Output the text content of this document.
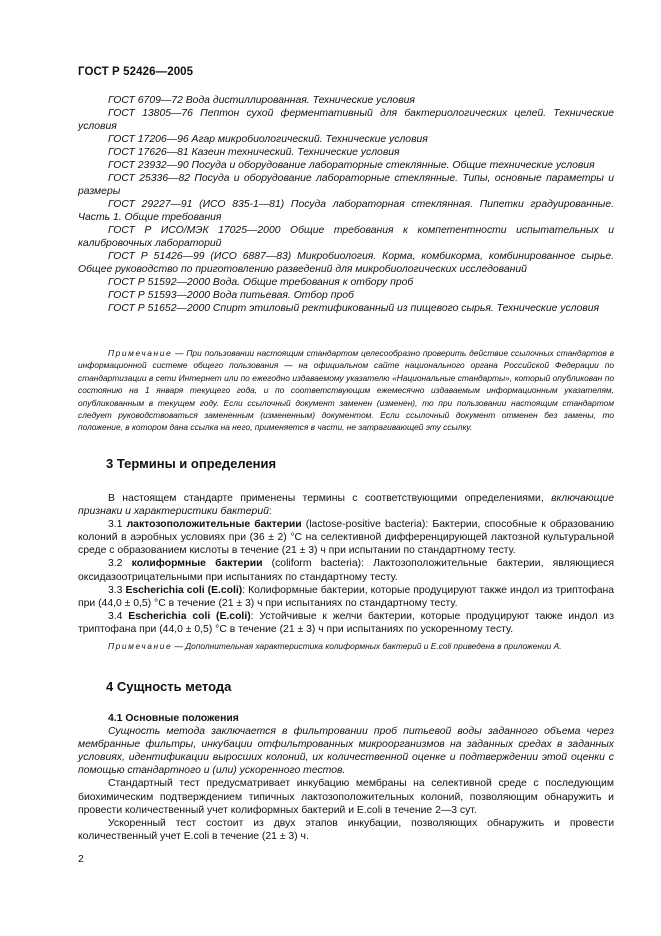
ГОСТ Р 52426—2005

ГОСТ 6709—72 Вода дистиллированная. Технические условия

ГОСТ 13805—76 Пептон сухой ферментативный для бактериологических целей. Технические условия

ГОСТ 17206—96 Агар микробиологический. Технические условия

ГОСТ 17626—81 Казеин технический. Технические условия

ГОСТ 23932—90 Посуда и оборудование лабораторные стеклянные. Общие технические условия

ГОСТ 25336—82 Посуда и оборудование лабораторные стеклянные. Типы, основные параметры и размеры

ГОСТ 29227—91 (ИСО 835-1—81) Посуда лабораторная стеклянная. Пипетки градуированные. Часть 1. Общие требования

ГОСТ Р ИСО/МЭК 17025—2000 Общие требования к компетентности испытательных и калибровочных лабораторий

ГОСТ Р 51426—99 (ИСО 6887—83) Микробиология. Корма, комбикорма, комбинированное сырье. Общее руководство по приготовлению разведений для микробиологических исследований

ГОСТ Р 51592—2000 Вода. Общие требования к отбору проб

ГОСТ Р 51593—2000 Вода питьевая. Отбор проб

ГОСТ Р 51652—2000 Спирт этиловый ректификованный из пищевого сырья. Технические условия

Примечание — При пользовании настоящим стандартом целесообразно проверить действие ссылочных стандартов в информационной системе общего пользования — на официальном сайте национального органа Российской Федерации по стандартизации в сети Интернет или по ежегодно издаваемому указателю «Национальные стандарты», который опубликован по состоянию на 1 января текущего года, и по соответствующим ежемесячно издаваемым информационным указателям, опубликованным в текущем году. Если ссылочный документ заменен (изменен), то при пользовании настоящим стандартом следует руководствоваться замененным (измененным) документом. Если ссылочный документ отменен без замены, то положение, в котором дана ссылка на него, применяется в части, не затрагивающей эту ссылку.

3 Термины и определения

В настоящем стандарте применены термины с соответствующими определениями, включающие признаки и характеристики бактерий:

3.1 лактозоположительные бактерии (lactose-positive bacteria): Бактерии, способные к образованию колоний в аэробных условиях при (36 ± 2) °С на селективной дифференцирующей лактозной культуральной среде с образованием кислоты в течение (21 ± 3) ч при испытании по стандартному тесту.

3.2 колиформные бактерии (coliform bacteria): Лактозоположительные бактерии, являющиеся оксидазоотрицательными при испытаниях по стандартному тесту.

3.3 Escherichia coli (E.coli): Колиформные бактерии, которые продуцируют также индол из триптофана при (44,0 ± 0,5) °С в течение (21 ± 3) ч при испытаниях по стандартному тесту.

3.4 Escherichia coli (E.coli): Устойчивые к желчи бактерии, которые продуцируют также индол из триптофана при (44,0 ± 0,5) °С в течение (21 ± 3) ч при испытаниях по ускоренному тесту.

Примечание — Дополнительная характеристика колиформных бактерий и E.coli приведена в приложении А.

4 Сущность метода

4.1 Основные положения

Сущность метода заключается в фильтровании проб питьевой воды заданного объема через мембранные фильтры, инкубации отфильтрованных микроорганизмов на заданных средах в заданных условиях, идентификации выросших колоний, их количественной оценке и подтверждении этой оценки с помощью стандартного и (или) ускоренного тестов.

Стандартный тест предусматривает инкубацию мембраны на селективной среде с последующим биохимическим подтверждением типичных лактозоположительных колоний, позволяющим обнаружить и провести количественный учет колиформных бактерий и E.coli в течение 2—3 сут.

Ускоренный тест состоит из двух этапов инкубации, позволяющих обнаружить и провести количественный учет E.coli в течение (21 ± 3) ч.

2
